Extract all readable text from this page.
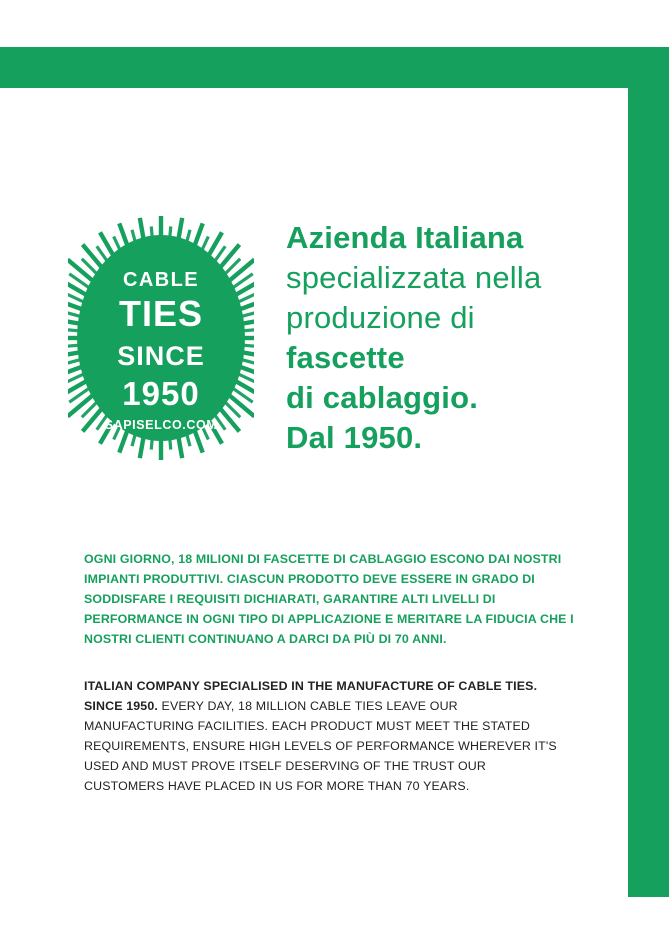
CABLE
TIES
SINCE
1950
SAPISELCO.COM
Azienda Italiana
specializzata nella
produzione di
fascette
di cablaggio.
Dal 1950.

OGNI GIORNO, 18 MILIONI DI FASCETTE DI CABLAGGIO ESCONO DAI NOSTRI IMPIANTI PRODUTTIVI. CIASCUN PRODOTTO DEVE ESSERE IN GRADO DI SODDISFARE I REQUISITI DICHIARATI, GARANTIRE ALTI LIVELLI DI PERFORMANCE IN OGNI TIPO DI APPLICAZIONE E MERITARE LA FIDUCIA CHE I NOSTRI CLIENTI CONTINUANO A DARCI DA PIÙ DI 70 ANNI.

ITALIAN COMPANY SPECIALISED IN THE MANUFACTURE OF CABLE TIES. SINCE 1950. EVERY DAY, 18 MILLION CABLE TIES LEAVE OUR MANUFACTURING FACILITIES. EACH PRODUCT MUST MEET THE STATED REQUIREMENTS, ENSURE HIGH LEVELS OF PERFORMANCE WHEREVER IT'S USED AND MUST PROVE ITSELF DESERVING OF THE TRUST OUR CUSTOMERS HAVE PLACED IN US FOR MORE THAN 70 YEARS.
